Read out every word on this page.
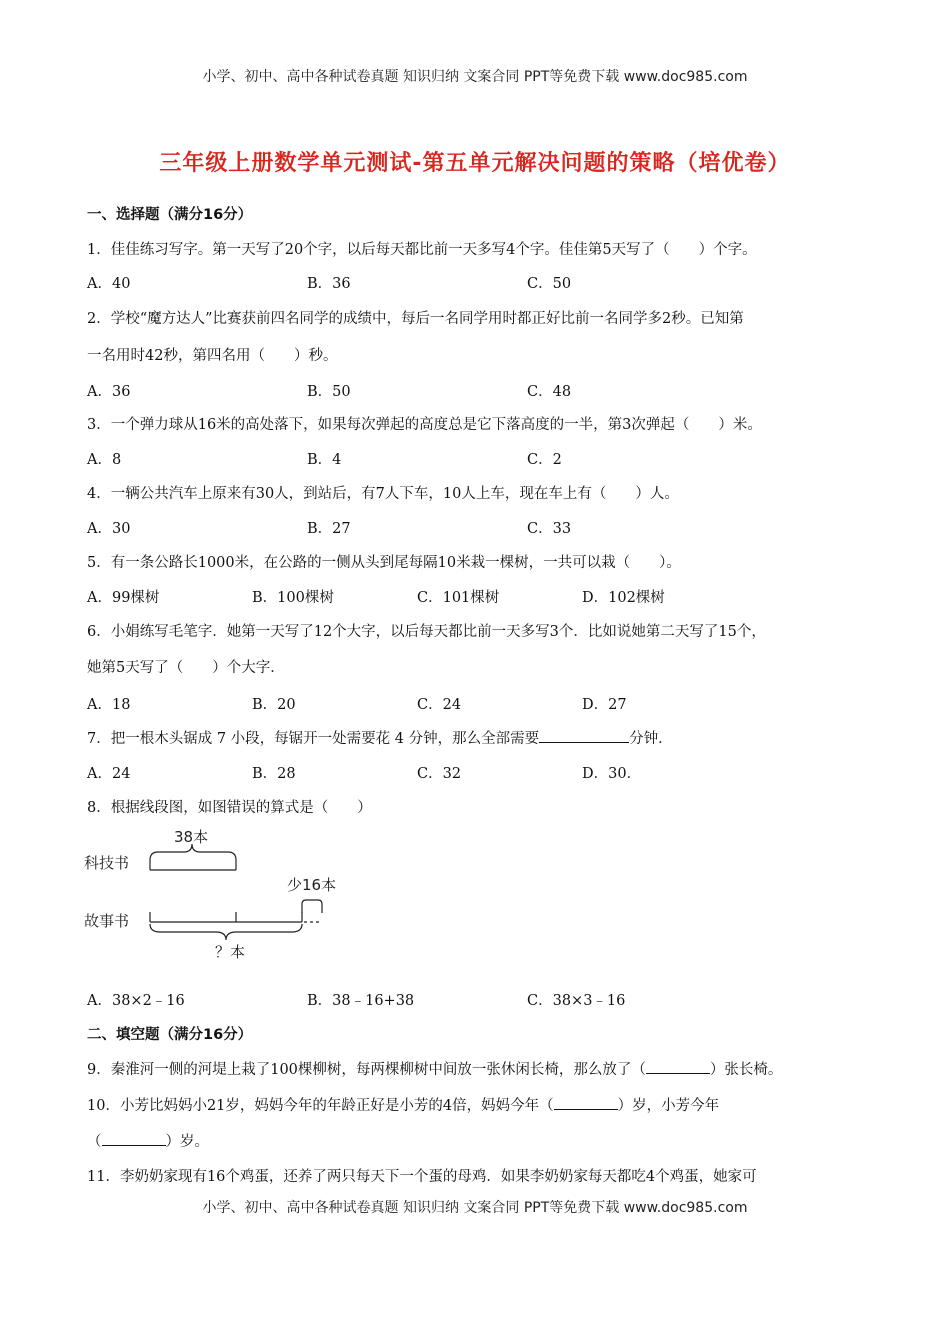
小学、初中、高中各种试卷真题 知识归纳 文案合同 PPT等免费下载 www.doc985.com
三年级上册数学单元测试-第五单元解决问题的策略（培优卷）
一、选择题（满分16分）
1．佳佳练习写字。第一天写了20个字，以后每天都比前一天多写4个字。佳佳第5天写了（　　）个字。
A．40	B．36	C．50
2．学校“魔方达人”比赛获前四名同学的成绩中，每后一名同学用时都正好比前一名同学多2秒。已知第
一名用时42秒，第四名用（　　）秒。
A．36	B．50	C．48
3．一个弹力球从16米的高处落下，如果每次弹起的高度总是它下落高度的一半，第3次弹起（　　）米。
A．8	B．4	C．2
4．一辆公共汽车上原来有30人，到站后，有7人下车，10人上车，现在车上有（　　）人。
A．30	B．27	C．33
5．有一条公路长1000米，在公路的一侧从头到尾每隔10米栽一棵树，一共可以栽（　　）。
A．99棵树	B．100棵树	C．101棵树	D．102棵树
6．小娟练写毛笔字．她第一天写了12个大字，以后每天都比前一天多写3个．比如说她第二天写了15个，
她第5天写了（　　）个大字．
A．18	B．20	C．24	D．27
7．把一根木头锯成 7 小段，每锯开一处需要花 4 分钟，那么全部需要	分钟．
A．24	B．28	C．32	D．30．
8．根据线段图，如图错误的算式是（　　）
38本
科技书
少16本
故事书
？本
A．38×2﹣16	B．38﹣16+38	C．38×3﹣16
二、填空题（满分16分）
9．秦淮河一侧的河堤上栽了100棵柳树，每两棵柳树中间放一张休闲长椅，那么放了（	）张长椅。
10．小芳比妈妈小21岁，妈妈今年的年龄正好是小芳的4倍，妈妈今年（	）岁，小芳今年
（	）岁。
11．李奶奶家现有16个鸡蛋，还养了两只每天下一个蛋的母鸡．如果李奶奶家每天都吃4个鸡蛋，她家可
小学、初中、高中各种试卷真题 知识归纳 文案合同 PPT等免费下载 www.doc985.com
